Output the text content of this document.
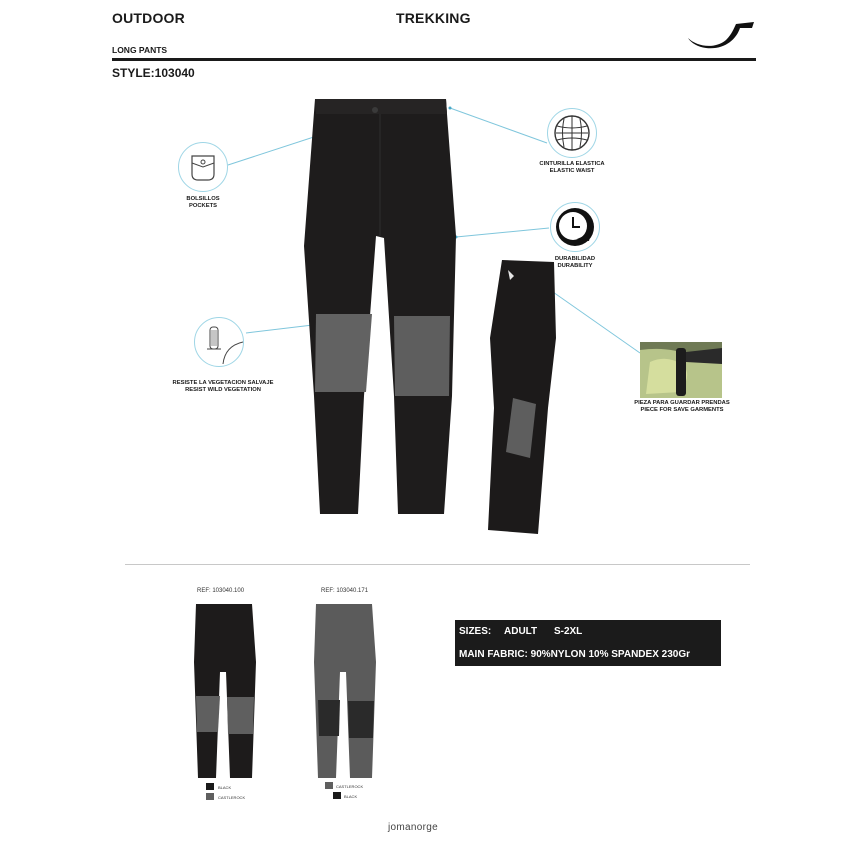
OUTDOOR	TREKKING
LONG PANTS
STYLE:103040
BOLSILLOS
POCKETS
CINTURILLA ELASTICA
ELASTIC WAIST
DURABILIDAD
DURABILITY
RESISTE LA VEGETACION SALVAJE
RESIST WILD VEGETATION
PIEZA PARA GUARDAR PRENDAS
PIECE FOR SAVE GARMENTS
REF: 103040.100
BLACK
CASTLEROCK
REF: 103040.171
CASTLEROCK
BLACK
SIZES: ADULT S-2XL
MAIN FABRIC: 90%NYLON 10% SPANDEX 230Gr
jomanorge
